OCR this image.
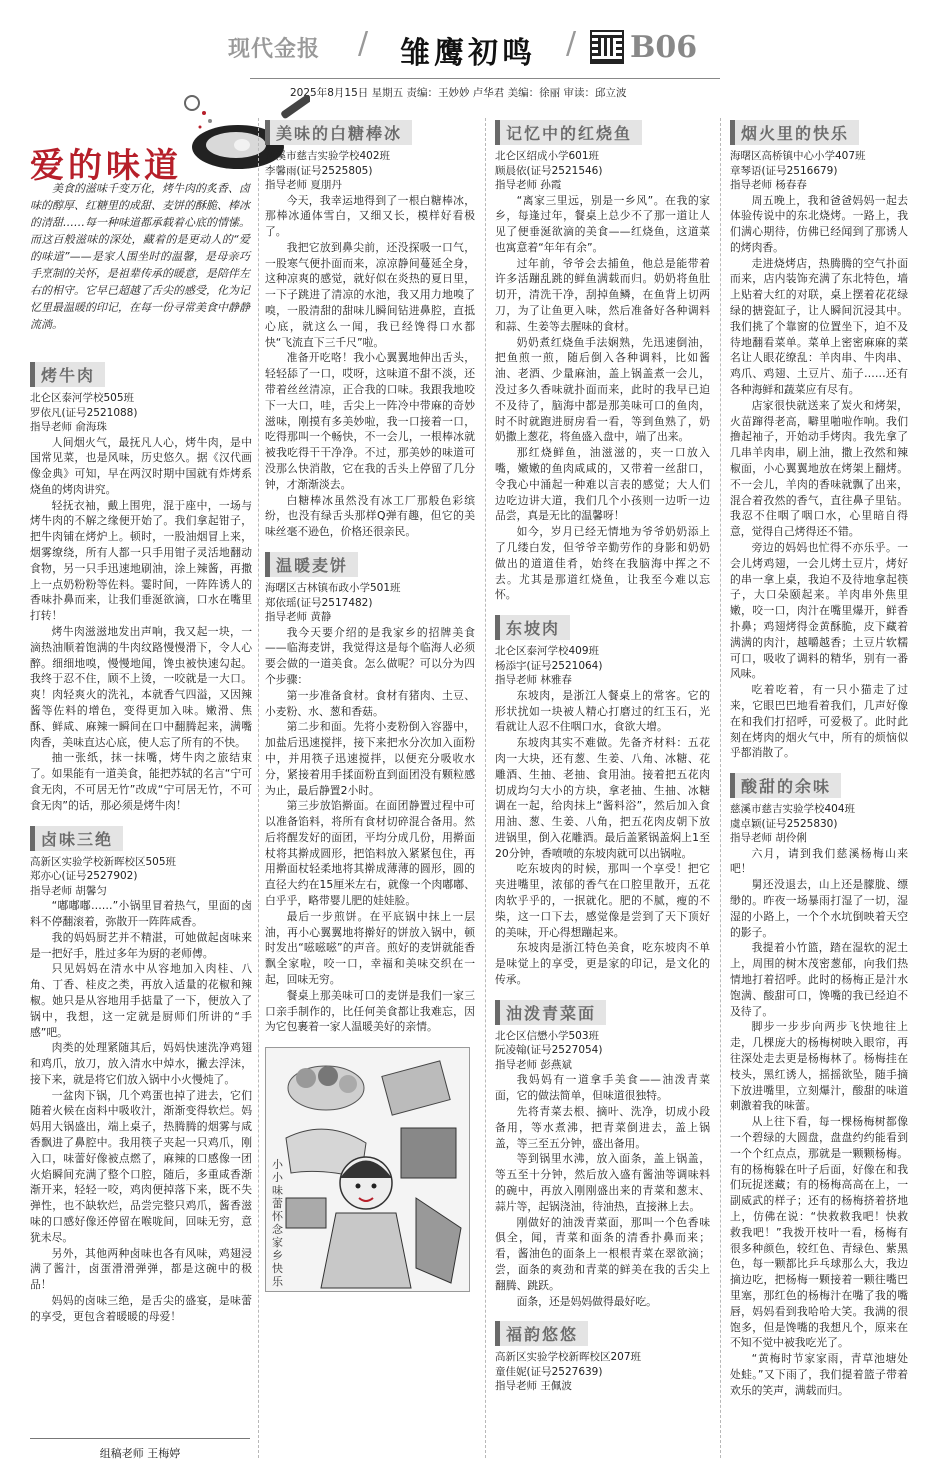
现代金报 / 雏鹰初鸣 / B06
2025年8月15日 星期五 责编：王妙妙 卢华君 美编：徐丽 审读：邱立波
爱的味道
美食的滋味千变万化，烤牛肉的炙香、卤味的醇厚、红糖里的成甜、麦饼的酥脆、棒冰的清甜……每一种味道都承载着心底的情愫。而这百般滋味的深处，藏着的是更动人的“爱的味道”——是家人围坐时的温馨，是母亲巧手烹制的关怀，是祖辈传承的暖意，是陪伴左右的相守。它早已超越了舌尖的感受，化为记忆里最温暖的印记，在每一份寻常美食中静静流淌。
烤牛肉
北仑区泰河学校505班
罗依凡(证号2521088)
指导老师 俞海珠

人间烟火气，最抚凡人心，烤牛肉，是中国常见菜，也是风味，历史悠久。据《汉代画像金典》可知，早在两汉时期中国就有炸烤系烧鱼的烤肉讲究。

轻抚衣袖，戴上围兜，混于座中，一场与烤牛肉的不解之缘便开始了。我们拿起钳子，把牛肉铺在烤炉上。顿时，一股油烟冒上来，烟雾缭绕，所有人都一只手用钳子灵活地翻动食物，另一只手迅速地刷油，涂上辣酱，再撒上一点奶粉粉等佐料。霎时间，一阵阵诱人的香味扑鼻而来，让我们垂涎欲滴，口水在嘴里打转！

烤牛肉滋滋地发出声响，我又起一块，一滴热油顺着饱满的牛肉纹路慢慢滑下，令人心醉。细细地嗅，慢慢地闻，馋虫被快速勾起。我终于忍不住，顾不上烫，一咬就是一大口。爽！肉轻爽火的洗礼，本就香气四溢，又因辣酱等佐料的增色，变得更加入味。嫩滑、焦酥、鲜咸、麻辣一瞬间在口中翻腾起来，满嘴肉香，美味直达心底，使人忘了所有的不快。

抽一张纸，抹一抹嘴，烤牛肉之旅结束了。如果能有一道美食，能把苏轼的名言“宁可食无肉，不可居无竹”改成“宁可居无竹，不可食无肉”的话，那必须是烤牛肉！

卤味三绝
高新区实验学校新晖校区505班
郑亦心(证号2527902)
指导老师 胡馨匀

“嘟嘟嘟……”小锅里冒着热气，里面的卤料不停翻滚着，弥散开一阵阵咸香。

我的妈妈厨艺并不精湛，可她做起卤味来是一把好手，胜过多年为厨的老师傅。

只见妈妈在清水中从容地加入肉桂、八角、丁香、桂皮之类，再放入适量的花椒和辣椒。她只是从容地用手掂量了一下，便放入了锅中，我想，这一定就是厨师们所讲的“手感”吧。

肉类的处理紧随其后，妈妈快速洗净鸡翅和鸡爪，放刀，放入清水中焯水，撇去浮沫，接下来，就是将它们放入锅中小火慢炖了。

一盆肉下锅，几个鸡蛋也掉了进去，它们随着火候在卤料中吸收汁，渐渐变得软烂。妈妈用大锅盛出，端上桌子，热腾腾的烟雾与咸香飘进了鼻腔中。我用筷子夹起一只鸡爪，刚入口，味蕾好像被点燃了，麻辣的口感像一团火焰瞬间充满了整个口腔，随后，多重咸香渐渐开来，轻轻一咬，鸡肉便掉落下来，既不失弹性，也不缺软烂，品尝完整只鸡爪，酱香滋味的口感好像还停留在喉咙间，回味无穷，意犹未尽。

另外，其他两种卤味也各有风味，鸡翅浸满了酱汁，卤蛋滑滑弹弹，都是这碗中的极品！

妈妈的卤味三绝，是舌尖的盛宴，是味蕾的享受，更包含着暖暖的母爱！

美味的白糖棒冰
慈溪市慈吉实验学校402班
李馨雨(证号2525805)
指导老师 夏朋丹

今天，我幸运地得到了一根白糖棒冰，那棒冰通体雪白，又细又长，模样好看极了。

我把它放到鼻尖前，还没探吸一口气，一股寒气便扑面而来，凉凉静间蔓延全身，这种凉爽的感觉，就好似在炎热的夏日里，一下子跳进了清凉的水池，我又用力地嗅了嗅，一股清甜的甜味儿瞬间钻进鼻腔，直抵心底，就这么一闻，我已经馋得口水都快“飞流直下三千尺”啦。

准备开吃咯！我小心翼翼地伸出舌头，轻轻舔了一口，哎呀，这味道不甜不淡，还带着丝丝清凉，正合我的口味。我跟我地咬下一大口，哇，舌尖上一阵冷中带麻的奇妙滋味，刚摸有多美妙啦，我一口接着一口，吃得那叫一个畅快，不一会儿，一根棒冰就被我吃得干干净净。不过，那美妙的味道可没那么快消散，它在我的舌头上停留了几分钟，才渐渐淡去。

白糖棒冰虽然没有冰工厂那般色彩缤纷，也没有绿舌头那样Q弹有趣，但它的美味丝毫不逊色，价格还很亲民。

温暖麦饼
海曙区古林镇布政小学501班
郑依瑶(证号2517482)
指导老师 黄静

我今天要介绍的是我家乡的招牌美食——临海麦饼，我觉得这是每个临海人必须要会做的一道美食。怎么做呢？可以分为四个步骤：

第一步准备食材。食材有猪肉、土豆、小麦粉、水、葱和香菇。

第二步和面。先将小麦粉倒入容器中，加盐后迅速搅拌，接下来把水分次加入面粉中，并用筷子迅速搅拌，以便充分吸收水分，紧接着用手揉面粉直到面团没有颗粒感为止，最后静置2小时。

第三步放馅擀面。在面团静置过程中可以准备馅料，将所有食材切碎混合备用。然后将醒发好的面团，平均分成几份，用擀面杖将其擀成圆形，把馅料放入紧紧包住，再用擀面杖轻柔地将其擀成薄薄的圆形，圆的直径大约在15厘米左右，就像一个肉嘟嘟、白乎乎，略带婴儿肥的娃娃脸。

最后一步煎饼。在平底锅中抹上一层油，再小心翼翼地将擀好的饼放入锅中，顿时发出“嗞嗞嗞”的声音。煎好的麦饼就能香飘全家啦，咬一口，幸福和美味交织在一起，回味无穷。

餐桌上那美味可口的麦饼是我们一家三口亲手制作的，比任何美食都让我难忘，因为它包裹着一家人温暖美好的亲情。

小小味蕾怀念家乡快乐
记忆中的红烧鱼
北仑区绍成小学601班
顾晨依(证号2521546)
指导老师 孙霞

“离家三里远，别是一乡风”。在我的家乡，每逢过年，餐桌上总少不了那一道让人见了便垂涎欲滴的美食——红烧鱼，这道菜也寓意着“年年有余”。

过年前，爷爷会去捕鱼，他总是能带着许多活蹦乱跳的鲜鱼满载而归。奶奶将鱼肚切开，清洗干净，刮掉鱼鳞，在鱼背上切两刀，为了让鱼更入味，然后准备好各种调料和蒜、生姜等去腥味的食材。

奶奶煮红烧鱼手法娴熟，先迅速倒油，把鱼煎一煎，随后倒入各种调料，比如酱油、老酒、少量麻油，盖上锅盖煮一会儿，没过多久香味就扑面而来，此时的我早已迫不及待了，脑海中都是那美味可口的鱼肉，时不时就跑进厨房看一看，等到鱼熟了，奶奶撒上葱花，将鱼盛入盘中，端了出来。

那红烧鲜鱼，油滋滋的，夹一口放入嘴，嫩嫩的鱼肉咸咸的，又带着一丝甜口，令我心中涌起一种难以言表的感觉；大人们边吃边讲大道，我们几个小孩则一边听一边品尝，真是无比的温馨呀！

如今，岁月已经无情地为爷爷奶奶添上了几缕白发，但爷爷辛勤劳作的身影和奶奶做出的道道佳肴，始终在我脑海中挥之不去。尤其是那道红烧鱼，让我至今难以忘怀。

东坡肉
北仑区泰河学校409班
杨添宇(证号2521064)
指导老师 林雅春

东坡肉，是浙江人餐桌上的常客。它的形状扰如一块被人精心打磨过的红玉石，光看就让人忍不住咽口水，食欲大增。

东坡肉其实不难做。先备齐材料：五花肉一大块，还有葱、生姜、八角、冰糖、花雕酒、生抽、老抽、食用油。接着把五花肉切成均匀大小的方块，拿老抽、生抽、冰糖调在一起，给肉抹上“酱料浴”，然后加入食用油、葱、生姜、八角，把五花肉皮朝下放进锅里，倒入花雕酒。最后盖紧锅盖焖上1至20分钟，香喷喷的东坡肉就可以出锅啦。

吃东坡肉的时候，那叫一个享受！把它夹进嘴里，浓郁的香气在口腔里散开，五花肉软乎乎的，一抿就化。肥的不腻，瘦的不柴，这一口下去，感觉像是尝到了天下顶好的美味，开心得想蹦起来。

东坡肉是浙江特色美食，吃东坡肉不单是味觉上的享受，更是家的印记，是文化的传承。

油泼青菜面
北仑区信懋小学503班
阮凌翰(证号2527054)
指导老师 彭燕斌

我妈妈有一道拿手美食——油泼青菜面，它的做法简单，但味道很独特。

先将青菜去根、摘叶、洗净，切成小段备用，等水煮沸，把青菜倒进去，盖上锅盖，等三至五分钟，盛出备用。

等到锅里水沸，放入面条，盖上锅盖，等五至十分钟，然后放入盛有酱油等调味料的碗中，再放入刚刚盛出来的青菜和葱末、蒜片等，起锅浇油，待油热，直接淋上去。

刚做好的油泼青菜面，那叫一个色香味俱全，闻，青菜和面条的清香扑鼻而来；看，酱油色的面条上一根根青菜在翠欲滴；尝，面条的爽劲和青菜的鲜美在我的舌尖上翻腾、跳跃。

面条，还是妈妈做得最好吃。

福韵悠悠
高新区实验学校新晖校区207班
童佳妮(证号2527639)
指导老师 王佩波
烟火里的快乐
海曙区高桥镇中心小学407班
章琴语(证号2516679)
指导老师 杨春春

周五晚上，我和爸爸妈妈一起去体验传说中的东北烧烤。一路上，我们满心期待，仿佛已经闻到了那诱人的烤肉香。

走进烧烤店，热腾腾的空气扑面而来，店内装饰充满了东北特色，墙上贴着大红的对联，桌上摆着花花绿绿的搪瓷缸子，让人瞬间沉浸其中。我们挑了个靠窗的位置坐下，迫不及待地翻看菜单。菜单上密密麻麻的菜名让人眼花缭乱：羊肉串、牛肉串、鸡爪、鸡翅、土豆片、茄子……还有各种海鲜和蔬菜应有尽有。

店家很快就送来了炭火和烤架，火苗蹿得老高，噼里啪啦作响。我们撸起袖子，开始动手烤肉。我先拿了几串羊肉串，刷上油，撒上孜然和辣椒面，小心翼翼地放在烤架上翻烤。不一会儿，羊肉的香味就飘了出来，混合着孜然的香气，直往鼻子里钻。我忍不住咽了咽口水，心里暗自得意，觉得自己烤得还不错。

旁边的妈妈也忙得不亦乐乎。一会儿烤鸡翅，一会儿烤土豆片，烤好的串一拿上桌，我迫不及待地拿起筷子，大口朵颐起来。羊肉串外焦里嫩，咬一口，肉汁在嘴里爆开，鲜香扑鼻；鸡翅烤得金黄酥脆，皮下藏着满满的肉汁，越嚼越香；土豆片软糯可口，吸收了调料的精华，别有一番风味。

吃着吃着，有一只小猫走了过来，它眼巴巴地看着我们，几声好像在和我们打招呼，可爱极了。此时此刻在烤肉的烟火气中，所有的烦恼似乎都消散了。

酸甜的余味
慈溪市慈吉实验学校404班
虞卓颖(证号2525830)
指导老师 胡伶俐

六月，请到我们慈溪杨梅山来吧！

舅还没退去，山上还是朦胧、缥缈的。昨夜一场暴雨打湿了一切，湿湿的小路上，一个个水坑倒映着天空的影子。

我提着小竹篮，踏在湿软的泥土上，周围的树木茂密葱郁，向我们热情地打着招呼。此时的杨梅正是汁水饱满、酸甜可口，馋嘴的我已经迫不及待了。

脚步一步步向两步飞快地往上走，几棵庞大的杨梅树映入眼帘，再往深处走去更是杨梅林了。杨梅挂在枝头，黑红诱人，摇摇欲坠，随手摘下放进嘴里，立刻爆汁，酸甜的味道刺激着我的味蕾。

从上往下看，每一棵杨梅树都像一个碧绿的大圆盘，盘盘约约能看到一个个红点点，那就是一颗颗杨梅。有的杨梅躲在叶子后面，好像在和我们玩捉迷藏；有的杨梅高高在上，一副威武的样子；还有的杨梅挤着挤地上，仿佛在说：“快救救我吧！快救救我吧！”我拨开枝叶一看，杨梅有很多种颜色，较红色、青绿色、紫黑色，每一颗都比乒乓球那么大，我边摘边吃，把杨梅一颗接着一颗往嘴巴里塞，那红色的杨梅汁在嘴了我的嘴唇，妈妈看到我哈哈大笑。我满的很饱多，但是馋嘴的我想凡个，原来在不知不觉中被我吃光了。

“黄梅时节家家雨，青草池塘处处蛙。”又下雨了，我们提着篮子带着欢乐的笑声，满载而归。

组稿老师 王梅婷
